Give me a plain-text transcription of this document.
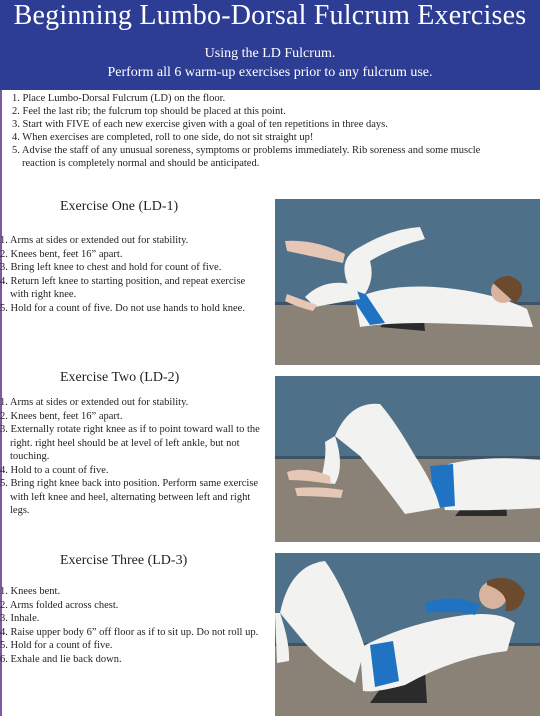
Beginning Lumbo-Dorsal Fulcrum Exercises
Using the LD Fulcrum.
Perform all 6 warm-up exercises prior to any fulcrum use.
1. Place Lumbo-Dorsal Fulcrum (LD) on the floor.
2. Feel the last rib; the fulcrum top should be placed at this point.
3. Start with FIVE of each new exercise given with a goal of ten repetitions in three days.
4. When exercises are completed, roll to one side, do not sit straight up!
5. Advise the staff of any unusual soreness, symptoms or problems immediately. Rib soreness and some muscle reaction is completely normal and should be anticipated.
Exercise One (LD-1)
1. Arms at sides or extended out for stability.
2. Knees bent, feet 16” apart.
3. Bring left knee to chest and hold for count of five.
4. Return left knee to starting position, and repeat exercise with right knee.
5. Hold for a count of five. Do not use hands to hold knee.
Exercise Two (LD-2)
1. Arms at sides or extended out for stability.
2. Knees bent, feet 16” apart.
3. Externally rotate right knee as if to point toward wall to the right. right heel should be at level of left ankle, but not touching.
4. Hold to a count of five.
5. Bring right knee back into position. Perform same exercise with left knee and heel, alternating between left and right legs.
Exercise Three (LD-3)
1. Knees bent.
2. Arms folded across chest.
3. Inhale.
4. Raise upper body 6” off floor as if to sit up. Do not roll up.
5. Hold for a count of five.
6. Exhale and lie back down.
